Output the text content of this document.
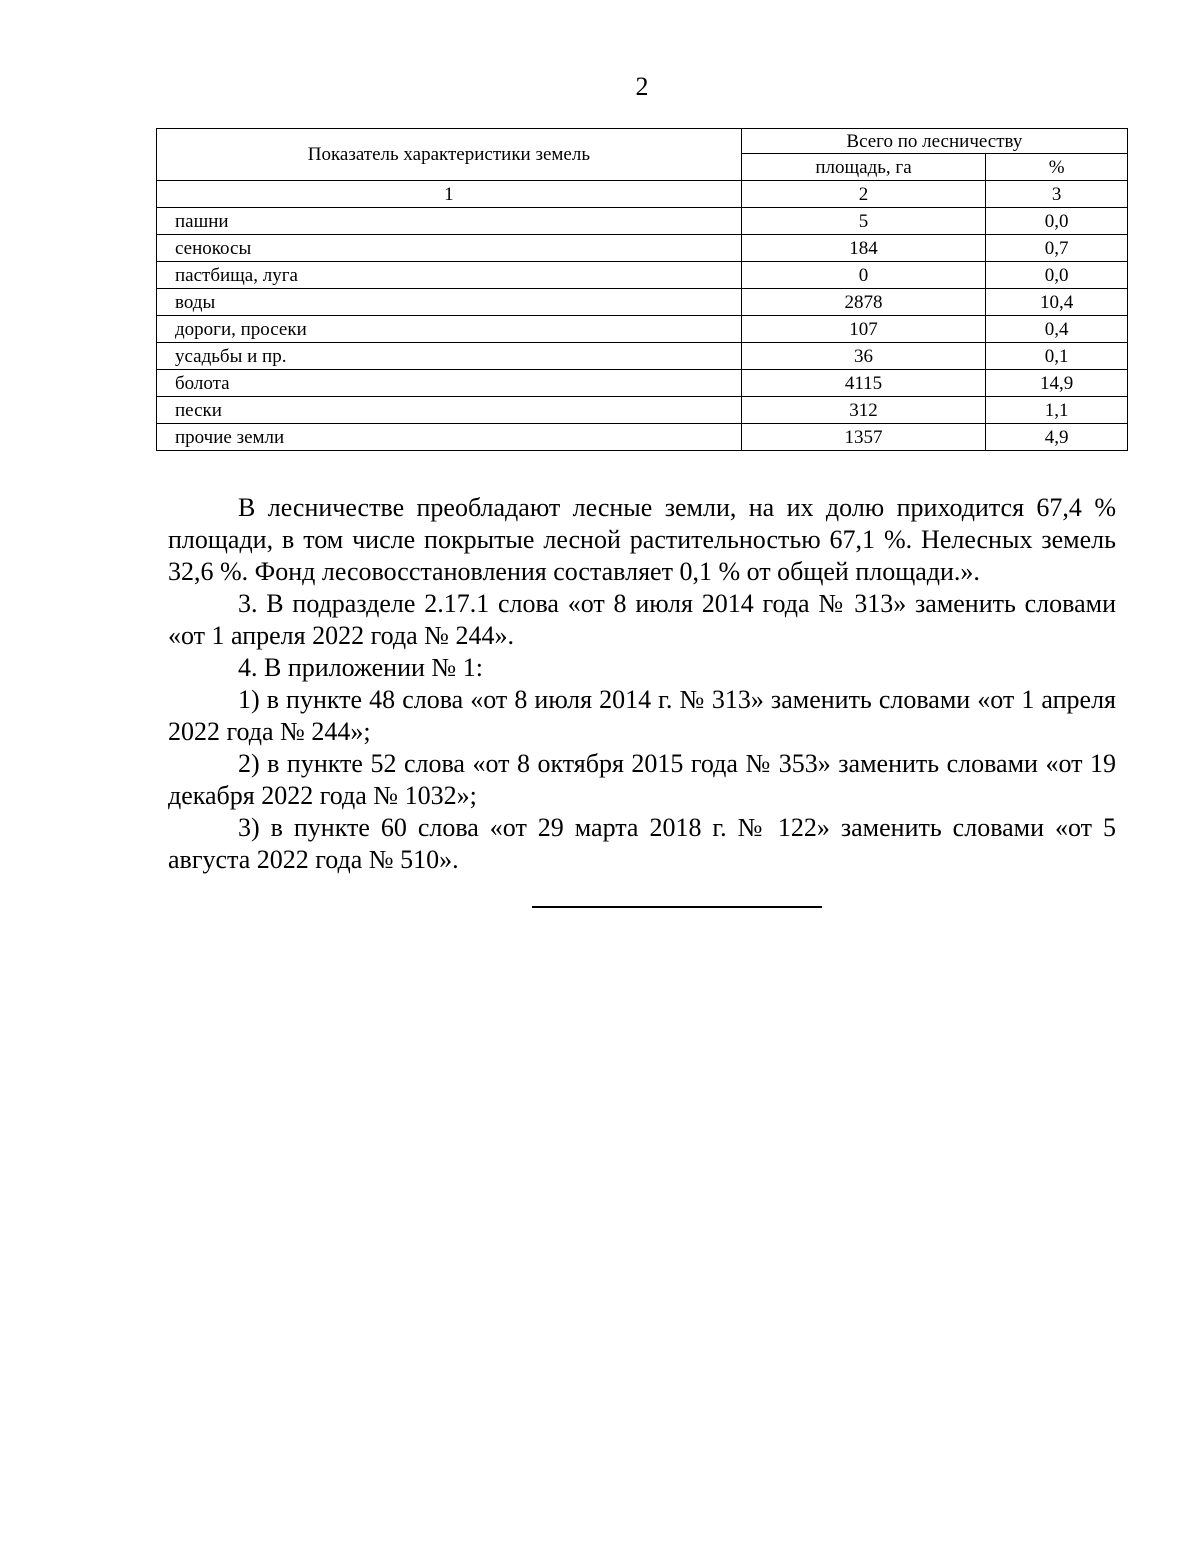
2
Показатель характеристики земель	Всего по лесничеству	
	площадь, га	%
1	2	3
пашни	5	0,0
сенокосы	184	0,7
пастбища, луга	0	0,0
воды	2878	10,4
дороги, просеки	107	0,4
усадьбы и пр.	36	0,1
болота	4115	14,9
пески	312	1,1
прочие земли	1357	4,9

В лесничестве преобладают лесные земли, на их долю приходится 67,4 % площади, в том числе покрытые лесной растительностью 67,1 %. Нелесных земель 32,6 %. Фонд лесовосстановления составляет 0,1 % от общей площади.».

3. В подразделе 2.17.1 слова «от 8 июля 2014 года № 313» заменить словами «от 1 апреля 2022 года № 244».

4. В приложении № 1:

1) в пункте 48 слова «от 8 июля 2014 г. № 313» заменить словами «от 1 апреля 2022 года № 244»;

2) в пункте 52 слова «от 8 октября 2015 года № 353» заменить словами «от 19 декабря 2022 года № 1032»;

3) в пункте 60 слова «от 29 марта 2018 г. № 122» заменить словами «от 5 августа 2022 года № 510».
